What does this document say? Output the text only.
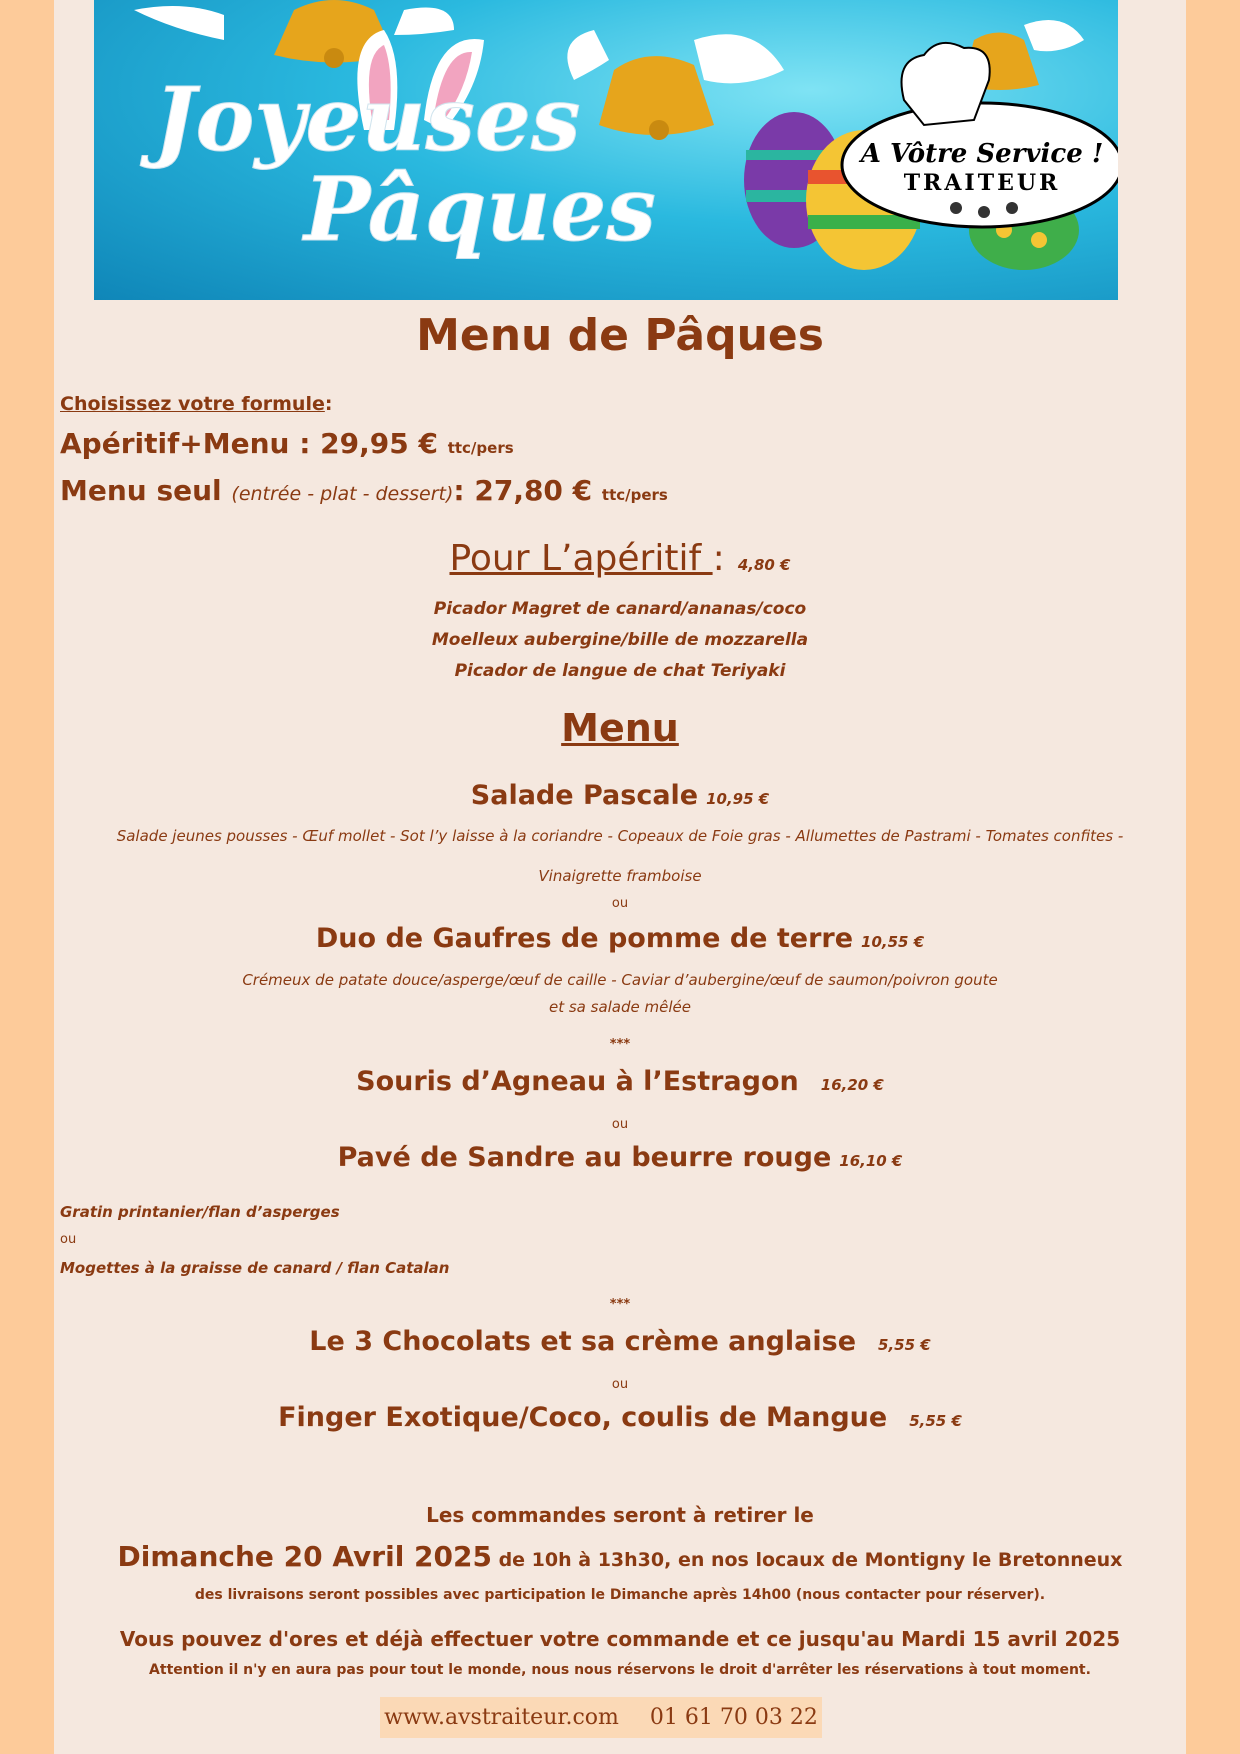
Joyeuses
Pâques
A Vôtre Service !
TRAITEUR
Menu de Pâques
Choisissez votre formule:
Apéritif+Menu : 29,95 € ttc/pers
Menu seul (entrée - plat - dessert): 27,80 € ttc/pers
Pour L’apéritif : 4,80 €
Picador Magret de canard/ananas/coco
Moelleux aubergine/bille de mozzarella
Picador de langue de chat Teriyaki
Menu
Salade Pascale 10,95 €
Salade jeunes pousses - Œuf mollet - Sot l’y laisse à la coriandre - Copeaux de Foie gras - Allumettes de Pastrami - Tomates confites -
Vinaigrette framboise
ou
Duo de Gaufres de pomme de terre 10,55 €
Crémeux de patate douce/asperge/œuf de caille - Caviar d’aubergine/œuf de saumon/poivron goute
et sa salade mêlée
***
Souris d’Agneau à l’Estragon 16,20 €
ou
Pavé de Sandre au beurre rouge 16,10 €
Gratin printanier/flan d’asperges
ou
Mogettes à la graisse de canard / flan Catalan
***
Le 3 Chocolats et sa crème anglaise 5,55 €
ou
Finger Exotique/Coco, coulis de Mangue 5,55 €
Les commandes seront à retirer le
Dimanche 20 Avril 2025 de 10h à 13h30, en nos locaux de Montigny le Bretonneux
des livraisons seront possibles avec participation le Dimanche après 14h00 (nous contacter pour réserver).
Vous pouvez d'ores et déjà effectuer votre commande et ce jusqu'au Mardi 15 avril 2025
Attention il n'y en aura pas pour tout le monde, nous nous réservons le droit d'arrêter les réservations à tout moment.
www.avstraiteur.com 01 61 70 03 22
